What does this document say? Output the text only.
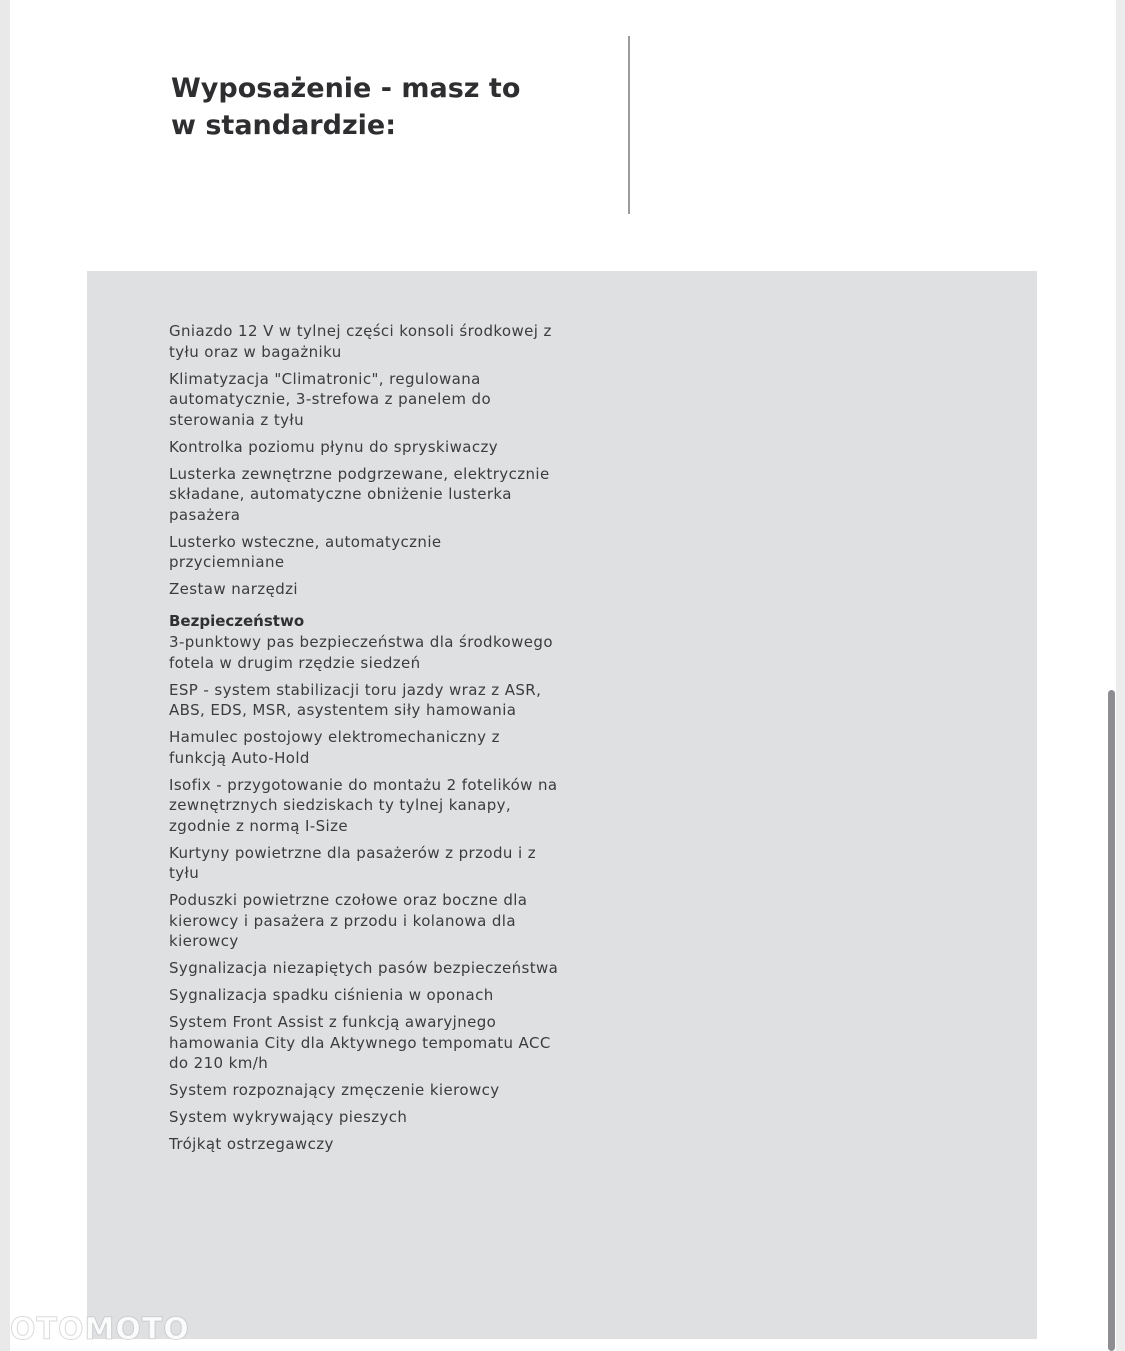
Wyposażenie - masz to
w standardzie:
Gniazdo 12 V w tylnej części konsoli środkowej z tyłu oraz w bagażniku
Klimatyzacja "Climatronic", regulowana automatycznie, 3-strefowa z panelem do sterowania z tyłu
Kontrolka poziomu płynu do spryskiwaczy
Lusterka zewnętrzne podgrzewane, elektrycznie składane, automatyczne obniżenie lusterka pasażera
Lusterko wsteczne, automatycznie przyciemniane
Zestaw narzędzi
Bezpieczeństwo
3-punktowy pas bezpieczeństwa dla środkowego fotela w drugim rzędzie siedzeń
ESP - system stabilizacji toru jazdy wraz z ASR, ABS, EDS, MSR, asystentem siły hamowania
Hamulec postojowy elektromechaniczny z funkcją Auto-Hold
Isofix - przygotowanie do montażu 2 fotelików na zewnętrznych siedziskach ty tylnej kanapy, zgodnie z normą I-Size
Kurtyny powietrzne dla pasażerów z przodu i z tyłu
Poduszki powietrzne czołowe oraz boczne dla kierowcy i pasażera z przodu i kolanowa dla kierowcy
Sygnalizacja niezapiętych pasów bezpieczeństwa
Sygnalizacja spadku ciśnienia w oponach
System Front Assist z funkcją awaryjnego hamowania City dla Aktywnego tempomatu ACC do 210 km/h
System rozpoznający zmęczenie kierowcy
System wykrywający pieszych
Trójkąt ostrzegawczy
OTOMOTO
